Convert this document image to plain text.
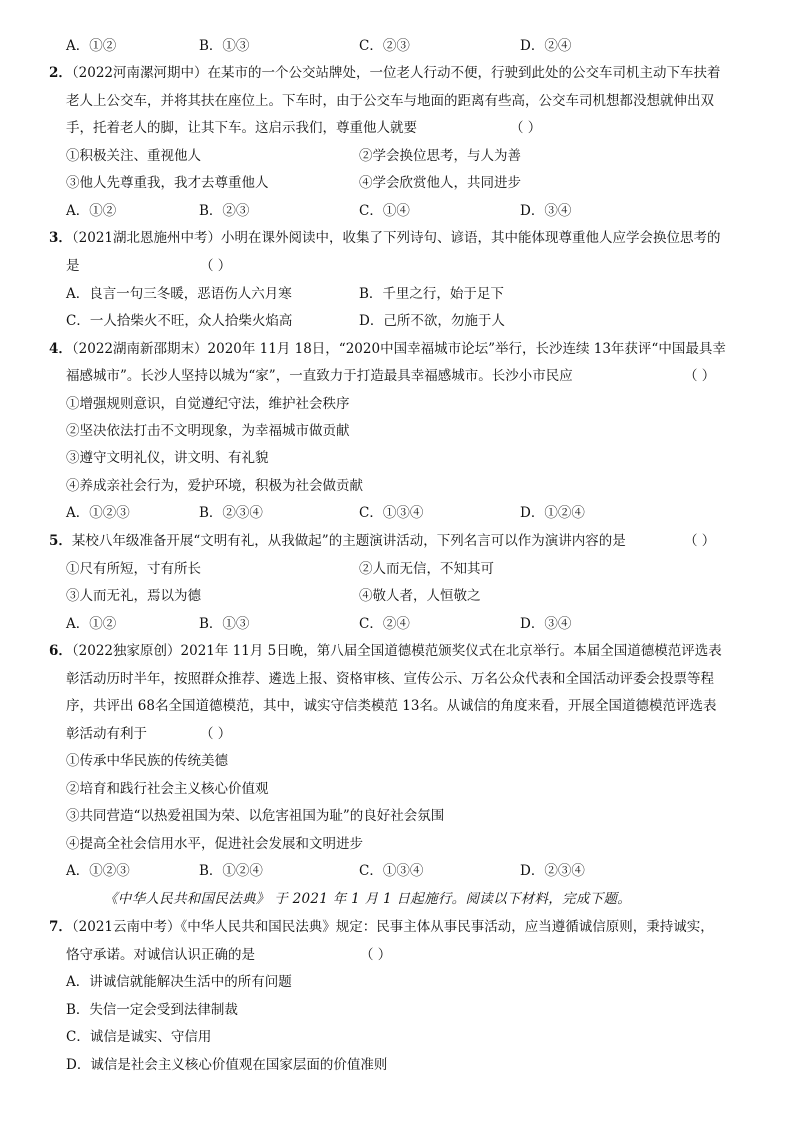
A．①②	B．①③	C．②③	D．②④
2．（2022河南漯河期中）在某市的一个公交站牌处，一位老人行动不便，行驶到此处的公交车司机主动下车扶着
老人上公交车，并将其扶在座位上。下车时，由于公交车与地面的距离有些高，公交车司机想都没想就伸出双
手，托着老人的脚，让其下车。这启示我们，尊重他人就要	（ ）
①积极关注、重视他人	②学会换位思考，与人为善
③他人先尊重我，我才去尊重他人	④学会欣赏他人，共同进步
A．①②	B．②③	C．①④	D．③④
3．（2021湖北恩施州中考）小明在课外阅读中，收集了下列诗句、谚语，其中能体现尊重他人应学会换位思考的
是	（ ）
A．良言一句三冬暖，恶语伤人六月寒	B．千里之行，始于足下
C．一人拾柴火不旺，众人拾柴火焰高	D．己所不欲，勿施于人
4．（2022湖南新邵期末）2020年 11月 18日，“2020中国幸福城市论坛”举行，长沙连续 13年获评“中国最具幸
福感城市”。长沙人坚持以城为“家”，一直致力于打造最具幸福感城市。长沙小市民应	（ ）
①增强规则意识，自觉遵纪守法，维护社会秩序
②坚决依法打击不文明现象，为幸福城市做贡献
③遵守文明礼仪，讲文明、有礼貌
④养成亲社会行为，爱护环境，积极为社会做贡献
A．①②③	B．②③④	C．①③④	D．①②④
5．某校八年级准备开展“文明有礼，从我做起”的主题演讲活动，下列名言可以作为演讲内容的是	（ ）
①尺有所短，寸有所长	②人而无信，不知其可
③人而无礼，焉以为德	④敬人者，人恒敬之
A．①②	B．①③	C．②④	D．③④
6．（2022独家原创）2021年 11月 5日晚，第八届全国道德模范颁奖仪式在北京举行。本届全国道德模范评选表
彰活动历时半年，按照群众推荐、遴选上报、资格审核、宣传公示、万名公众代表和全国活动评委会投票等程
序，共评出 68名全国道德模范，其中，诚实守信类模范 13名。从诚信的角度来看，开展全国道德模范评选表
彰活动有利于	（ ）
①传承中华民族的传统美德
②培育和践行社会主义核心价值观
③共同营造“以热爱祖国为荣、以危害祖国为耻”的良好社会氛围
④提高全社会信用水平，促进社会发展和文明进步
A．①②③	B．①②④	C．①③④	D．②③④
《中华人民共和国民法典》 于 2021 年 1 月 1 日起施行。阅读以下材料，完成下题。
7．（2021云南中考）《中华人民共和国民法典》规定：民事主体从事民事活动，应当遵循诚信原则，秉持诚实，
恪守承诺。对诚信认识正确的是	（ ）
A．讲诚信就能解决生活中的所有问题
B．失信一定会受到法律制裁
C．诚信是诚实、守信用
D．诚信是社会主义核心价值观在国家层面的价值准则
